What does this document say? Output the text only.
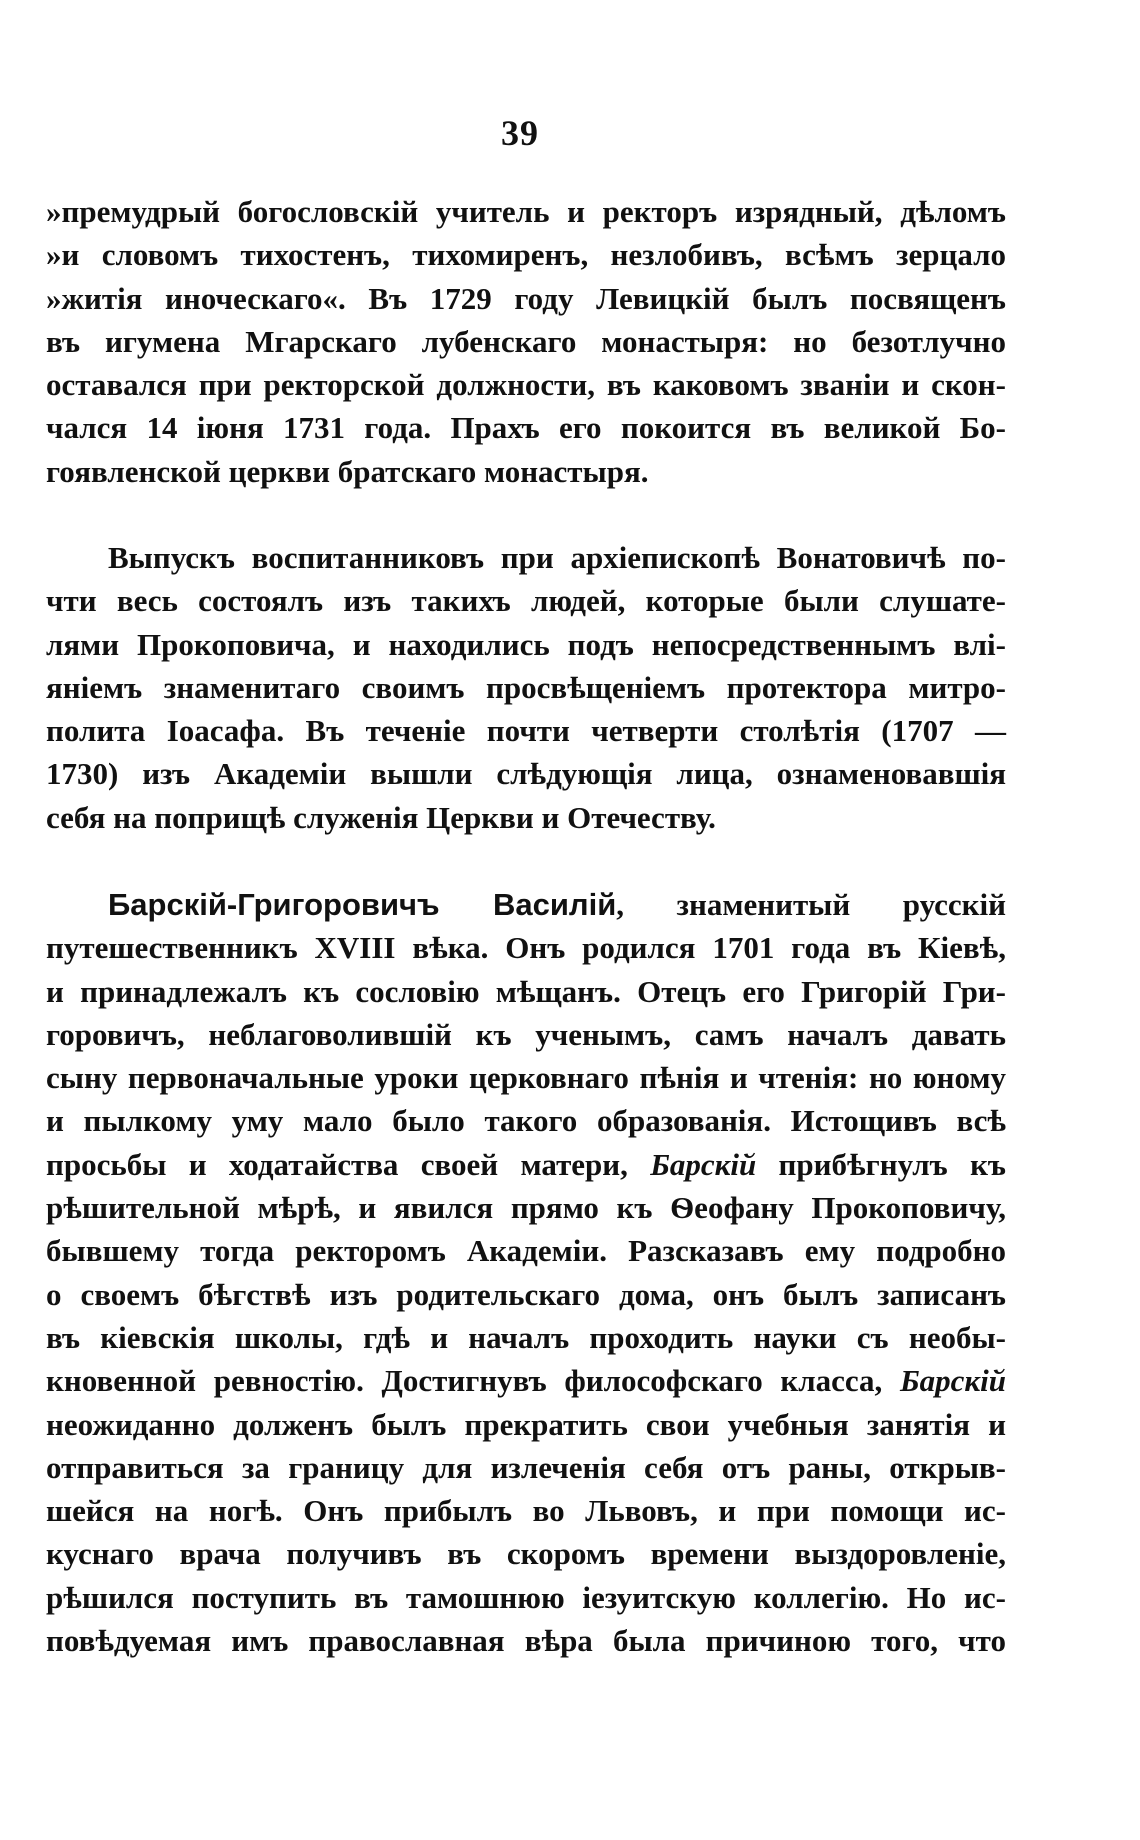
39
»премудрый богословскій учитель и ректоръ изрядный, дѣломъ
»и словомъ тихостенъ, тихомиренъ, незлобивъ, всѣмъ зерцало
»житія иноческаго«. Въ 1729 году Левицкій былъ посвященъ
въ игумена Мгарскаго лубенскаго монастыря: но безотлучно
оставался при ректорской должности, въ каковомъ званіи и скон-
чался 14 іюня 1731 года. Прахъ его покоится въ великой Бо-
гоявленской церкви братскаго монастыря.
Выпускъ воспитанниковъ при архіепископѣ Вонатовичѣ по-
чти весь состоялъ изъ такихъ людей, которые были слушате-
лями Прокоповича, и находились подъ непосредственнымъ влі-
яніемъ знаменитаго своимъ просвѣщеніемъ протектора митро-
полита Іоасафа. Въ теченіе почти четверти столѣтія (1707 —
1730) изъ Академіи вышли слѣдующія лица, ознаменовавшія
себя на поприщѣ служенія Церкви и Отечеству.
Барскій-Григоровичъ Василій, знаменитый русскій
путешественникъ XVIII вѣка. Онъ родился 1701 года въ Кіевѣ,
и принадлежалъ къ сословію мѣщанъ. Отецъ его Григорій Гри-
горовичъ, неблаговолившій къ ученымъ, самъ началъ давать
сыну первоначальные уроки церковнаго пѣнія и чтенія: но юному
и пылкому уму мало было такого образованія. Истощивъ всѣ
просьбы и ходатайства своей матери, Барскій прибѣгнулъ къ
рѣшительной мѣрѣ, и явился прямо къ Ѳеофану Прокоповичу,
бывшему тогда ректоромъ Академіи. Разсказавъ ему подробно
о своемъ бѣгствѣ изъ родительскаго дома, онъ былъ записанъ
въ кіевскія школы, гдѣ и началъ проходить науки съ необы-
кновенной ревностію. Достигнувъ философскаго класса, Барскій
неожиданно долженъ былъ прекратить свои учебныя занятія и
отправиться за границу для излеченія себя отъ раны, открыв-
шейся на ногѣ. Онъ прибылъ во Львовъ, и при помощи ис-
куснаго врача получивъ въ скоромъ времени выздоровленіе,
рѣшился поступить въ тамошнюю іезуитскую коллегію. Но ис-
повѣдуемая имъ православная вѣра была причиною того, что
